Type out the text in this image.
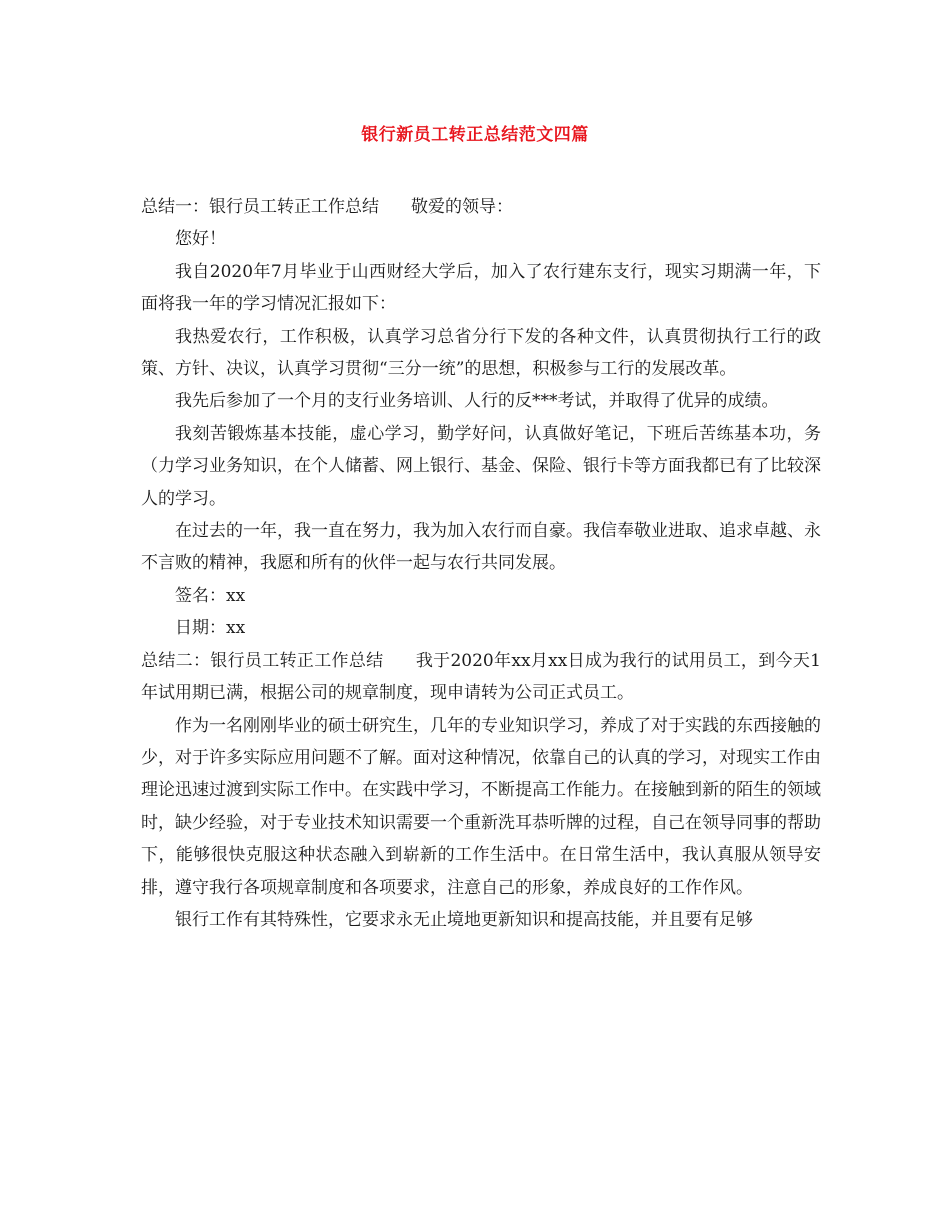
银行新员工转正总结范文四篇

总结一：银行员工转正工作总结 敬爱的领导：

您好！

我自2020年7月毕业于山西财经大学后，加入了农行建东支行，现实习期满一年，下面将我一年的学习情况汇报如下：

我热爱农行，工作积极，认真学习总省分行下发的各种文件，认真贯彻执行工行的政策、方针、决议，认真学习贯彻“三分一统”的思想，积极参与工行的发展改革。

我先后参加了一个月的支行业务培训、人行的反***考试，并取得了优异的成绩。

我刻苦锻炼基本技能，虚心学习，勤学好问，认真做好笔记，下班后苦练基本功，务（力学习业务知识，在个人储蓄、网上银行、基金、保险、银行卡等方面我都已有了比较深人的学习。

在过去的一年，我一直在努力，我为加入农行而自豪。我信奉敬业进取、追求卓越、永不言败的精神，我愿和所有的伙伴一起与农行共同发展。

签名：xx

日期：xx

总结二：银行员工转正工作总结 我于2020年xx月xx日成为我行的试用员工，到今天1年试用期已满，根据公司的规章制度，现申请转为公司正式员工。

作为一名刚刚毕业的硕士研究生，几年的专业知识学习，养成了对于实践的东西接触的少，对于许多实际应用问题不了解。面对这种情况，依靠自己的认真的学习，对现实工作由理论迅速过渡到实际工作中。在实践中学习，不断提高工作能力。在接触到新的陌生的领域时，缺少经验，对于专业技术知识需要一个重新洗耳恭听牌的过程，自己在领导同事的帮助下，能够很快克服这种状态融入到崭新的工作生活中。在日常生活中，我认真服从领导安排，遵守我行各项规章制度和各项要求，注意自己的形象，养成良好的工作作风。

银行工作有其特殊性，它要求永无止境地更新知识和提高技能，并且要有足够
